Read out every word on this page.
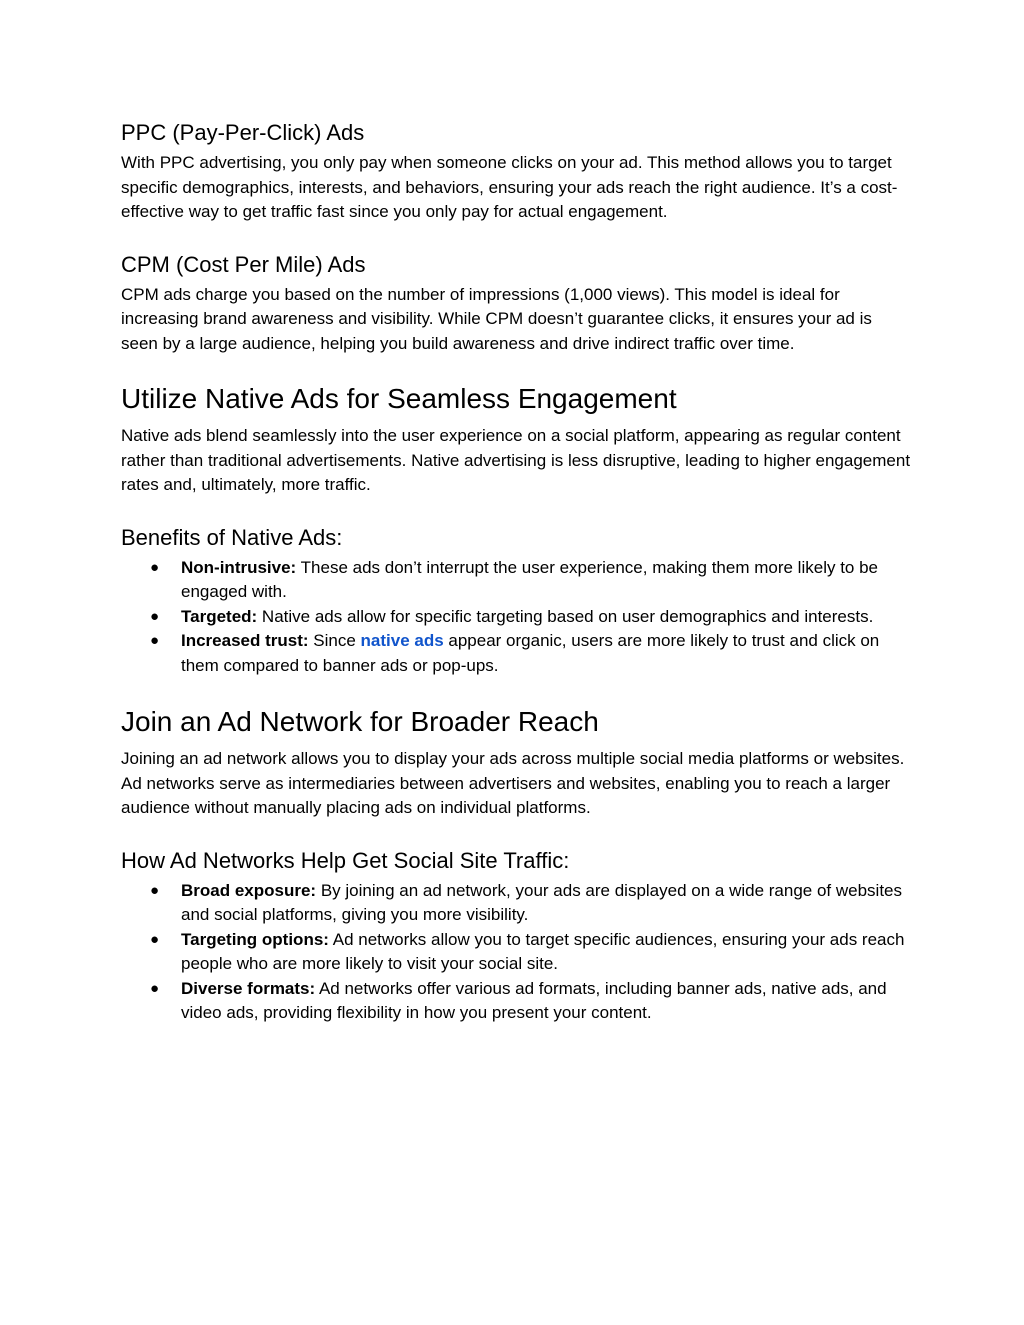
PPC (Pay-Per-Click) Ads

With PPC advertising, you only pay when someone clicks on your ad. This method allows you to target specific demographics, interests, and behaviors, ensuring your ads reach the right audience. It’s a cost-effective way to get traffic fast since you only pay for actual engagement.

CPM (Cost Per Mile) Ads

CPM ads charge you based on the number of impressions (1,000 views). This model is ideal for increasing brand awareness and visibility. While CPM doesn’t guarantee clicks, it ensures your ad is seen by a large audience, helping you build awareness and drive indirect traffic over time.

Utilize Native Ads for Seamless Engagement

Native ads blend seamlessly into the user experience on a social platform, appearing as regular content rather than traditional advertisements. Native advertising is less disruptive, leading to higher engagement rates and, ultimately, more traffic.

Benefits of Native Ads:
● Non-intrusive: These ads don’t interrupt the user experience, making them more likely to be engaged with.
● Targeted: Native ads allow for specific targeting based on user demographics and interests.
● Increased trust: Since native ads appear organic, users are more likely to trust and click on them compared to banner ads or pop-ups.
Join an Ad Network for Broader Reach

Joining an ad network allows you to display your ads across multiple social media platforms or websites. Ad networks serve as intermediaries between advertisers and websites, enabling you to reach a larger audience without manually placing ads on individual platforms.

How Ad Networks Help Get Social Site Traffic:
● Broad exposure: By joining an ad network, your ads are displayed on a wide range of websites and social platforms, giving you more visibility.
● Targeting options: Ad networks allow you to target specific audiences, ensuring your ads reach people who are more likely to visit your social site.
● Diverse formats: Ad networks offer various ad formats, including banner ads, native ads, and video ads, providing flexibility in how you present your content.
